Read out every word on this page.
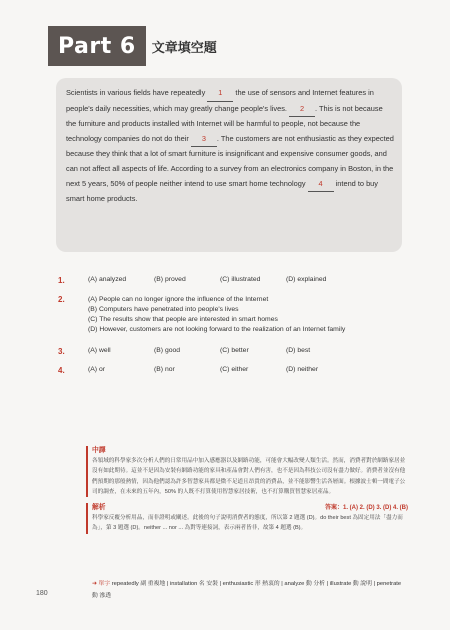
Part 6	文章填空題

Scientists in various fields have repeatedly 1 the use of sensors and Internet features in people's daily necessities, which may greatly change people's lives. 2 . This is not because the furniture and products installed with Internet will be harmful to people, not because the technology companies do not do their 3 . The customers are not enthusiastic as they expected because they think that a lot of smart furniture is insignificant and expensive consumer goods, and can not affect all aspects of life. According to a survey from an electronics company in Boston, in the next 5 years, 50% of people neither intend to use smart home technology 4 intend to buy smart home products.

1.	(A) analyzed	(B) proved	(C) illustrated	(D) explained
2.	(A) People can no longer ignore the influence of the Internet
(B) Computers have penetrated into people's lives
(C) The results show that people are interested in smart homes
(D) However, customers are not looking forward to the realization of an Internet family
3.	(A) well	(B) good	(C) better	(D) best
4.	(A) or	(B) nor	(C) either	(D) neither
中譯
各領域的科學家多次分析人們的日常用品中加入感應器以及網路功能，可能會大幅改變人類生活。然而，消費者對於網路家居並沒有如此期待。這並不是因為安裝有網路功能的家具和產品會對人們有害，也不是因為科技公司沒有盡力做好。消費者並沒有他們預期的那般熱情，因為他們認為許多智慧家具都是微不足道且昂貴的消費品，並不能影響生活各層面。根據波士頓一間電子公司的調查，在未來的五年內，50% 的人既不打算使用智慧家居技術，也不打算購買智慧家居產品。
解析	答案：1. (A) 2. (D) 3. (D) 4. (B)
科學家反覆分析用品，而非證明或闡述。此後的句子說明消費者的態度，所以第 2 題選 (D)。do their best 為固定用法「盡力而為」，第 3 題選 (D)。neither ... nor ... 為對等連接詞，表示兩者皆非，故第 4 題選 (B)。
➜ 單字 repeatedly 副 重複地 | installation 名 安裝 | enthusiastic 形 熱衷的 | analyze 動 分析 | illustrate 動 說明 | penetrate 動 滲透
180
